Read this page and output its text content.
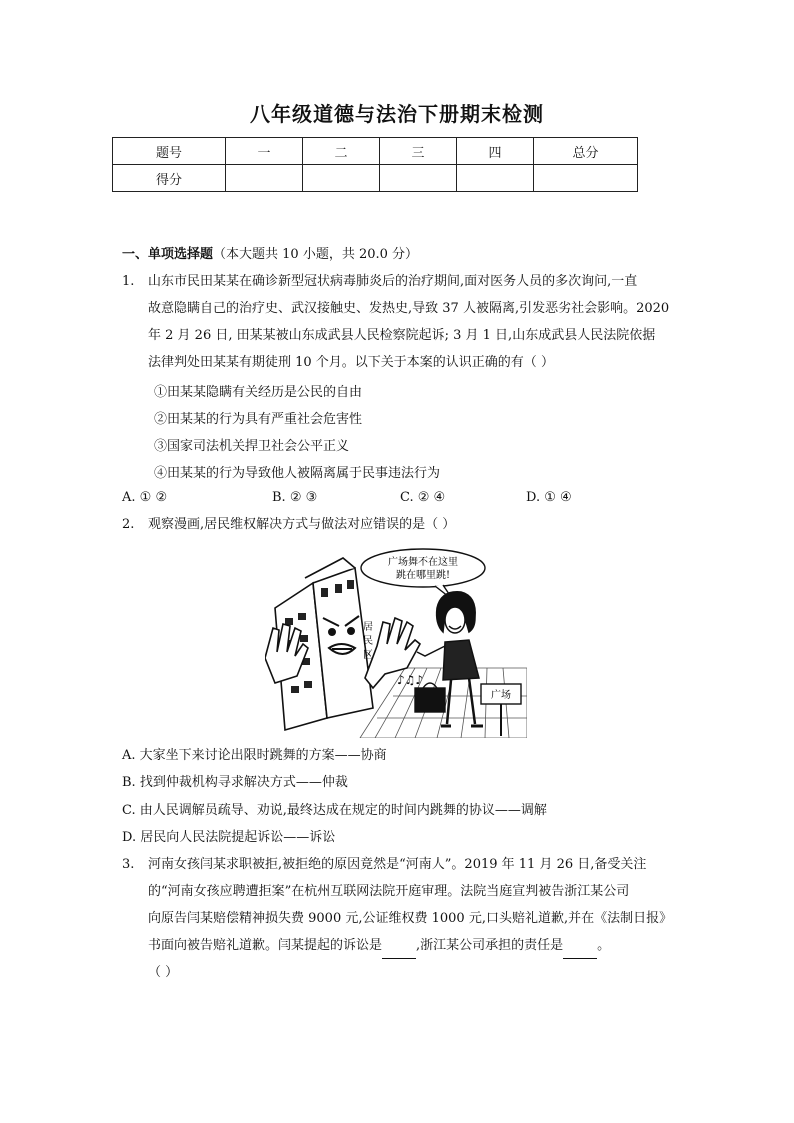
八年级道德与法治下册期末检测
题号	一	二	三	四	总分
得分					
一、单项选择题（本大题共 10 小题，共 20.0 分）
1.	山东市民田某某在确诊新型冠状病毒肺炎后的治疗期间,面对医务人员的多次询问,一直
故意隐瞒自己的治疗史、武汉接触史、发热史,导致 37 人被隔离,引发恶劣社会影响。2020
年 2 月 26 日, 田某某被山东成武县人民检察院起诉; 3 月 1 日,山东成武县人民法院依据
法律判处田某某有期徒刑 10 个月。以下关于本案的认识正确的有（ ）
①田某某隐瞒有关经历是公民的自由
②田某某的行为具有严重社会危害性
③国家司法机关捍卫社会公平正义
④田某某的行为导致他人被隔离属于民事违法行为
A. ① ②	B. ② ③	C. ② ④	D. ① ④
2.	观察漫画,居民维权解决方式与做法对应错误的是（ ）
居
民
区
广场舞不在这里
跳在哪里跳!
♪♫♪
广场
A. 大家坐下来讨论出限时跳舞的方案——协商
B. 找到仲裁机构寻求解决方式——仲裁
C. 由人民调解员疏导、劝说,最终达成在规定的时间内跳舞的协议——调解
D. 居民向人民法院提起诉讼——诉讼
3.	河南女孩闫某求职被拒,被拒绝的原因竟然是“河南人”。2019 年 11 月 26 日,备受关注
的“河南女孩应聘遭拒案”在杭州互联网法院开庭审理。法院当庭宣判被告浙江某公司
向原告闫某赔偿精神损失费 9000 元,公证维权费 1000 元,口头赔礼道歉,并在《法制日报》
书面向被告赔礼道歉。闫某提起的诉讼是	,浙江某公司承担的责任是	。
（ ）
